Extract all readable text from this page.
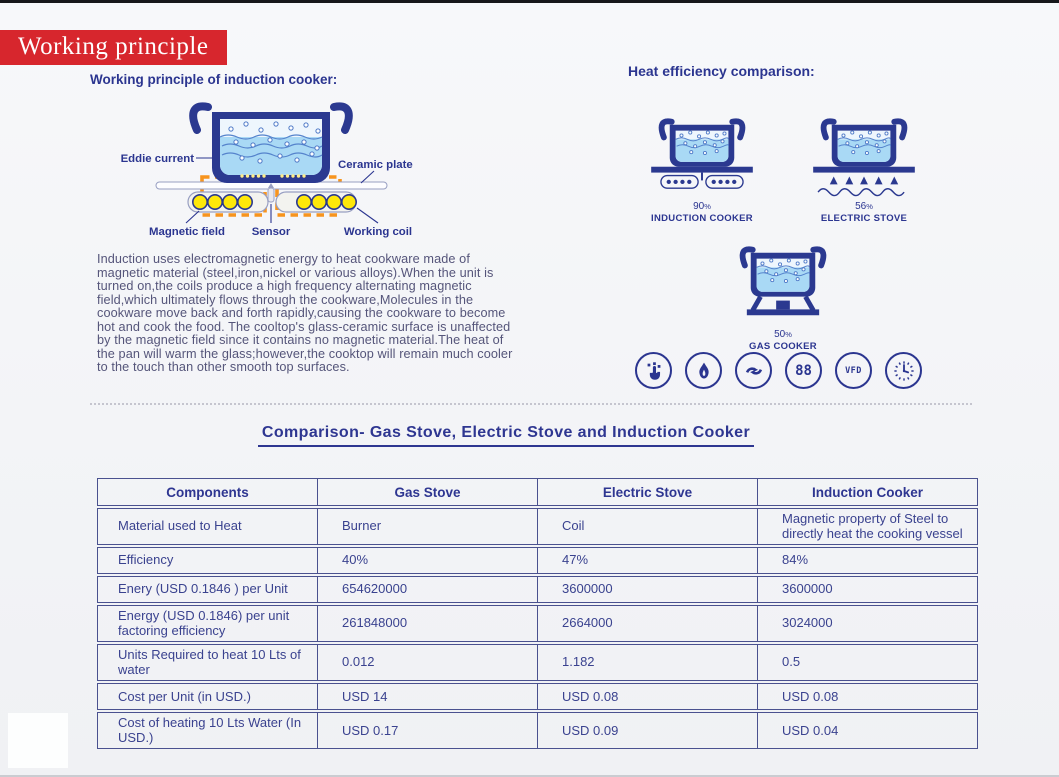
Working principle
Working principle of induction cooker:
Eddie current	Ceramic plate
Magnetic field Sensor	Working coil
Induction uses electromagnetic energy to heat cookware made of magnetic material (steel,iron,nickel or various alloys).When the unit is turned on,the coils produce a high frequency alternating magnetic field,which ultimately flows through the cookware,Molecules in the cookware move back and forth rapidly,causing the cookware to become hot and cook the food. The cooltop's glass-ceramic surface is unaffected by the magnetic field since it contains no magnetic material.The heat of the pan will warm the glass;however,the cooktop will remain much cooler to the touch than other smooth top surfaces.
Heat efficiency comparison:
90%
INDUCTION COOKER
56%
ELECTRIC STOVE
50%
GAS COOKER
88	VFD
Comparison- Gas Stove, Electric Stove and Induction Cooker
Components	Gas Stove	Electric Stove	Induction Cooker
Material used to Heat	Burner	Coil	Magnetic property of Steel to directly heat the cooking vessel
Efficiency	40%	47%	84%
Enery (USD 0.1846 ) per Unit	654620000	3600000	3600000
Energy (USD 0.1846) per unit factoring efficiency	261848000	2664000	3024000
Units Required to heat 10 Lts of water	0.012	1.182	0.5
Cost per Unit (in USD.)	USD 14	USD 0.08	USD 0.08
Cost of heating 10 Lts Water (In USD.)	USD 0.17	USD 0.09	USD 0.04
